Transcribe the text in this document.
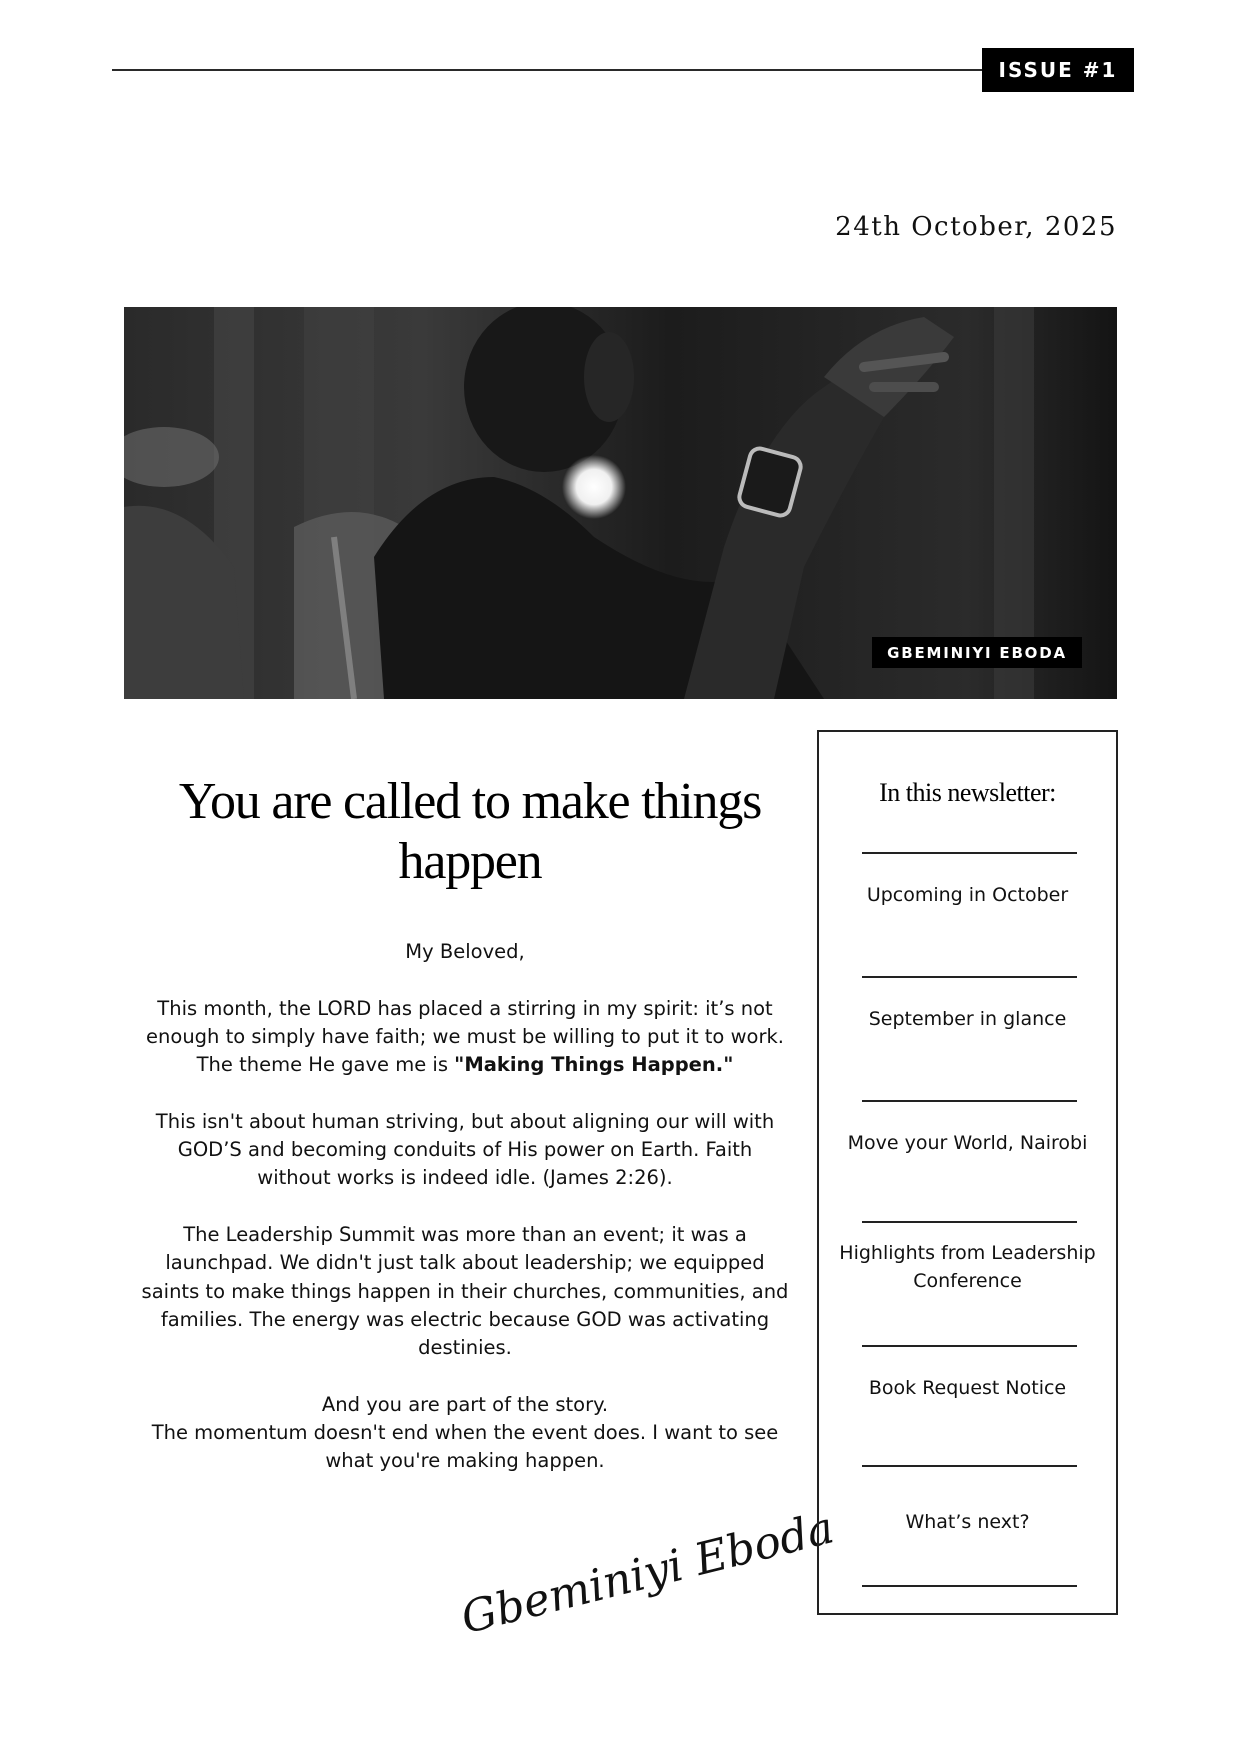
ISSUE #1
24th October, 2025
GBEMINIYI EBODA
You are called to make things happen

My Beloved,

This month, the LORD has placed a stirring in my spirit: it’s not enough to simply have faith; we must be willing to put it to work. The theme He gave me is "Making Things Happen."

This isn't about human striving, but about aligning our will with GOD’S and becoming conduits of His power on Earth. Faith without works is indeed idle. (James 2:26).

The Leadership Summit was more than an event; it was a launchpad. We didn't just talk about leadership; we equipped saints to make things happen in their churches, communities, and families. The energy was electric because GOD was activating destinies.

And you are part of the story.

The momentum doesn't end when the event does. I want to see what you're making happen.

Gbeminiyi Eboda
In this newsletter:
Upcoming in October
September in glance
Move your World, Nairobi
Highlights from Leadership Conference
Book Request Notice
What’s next?
